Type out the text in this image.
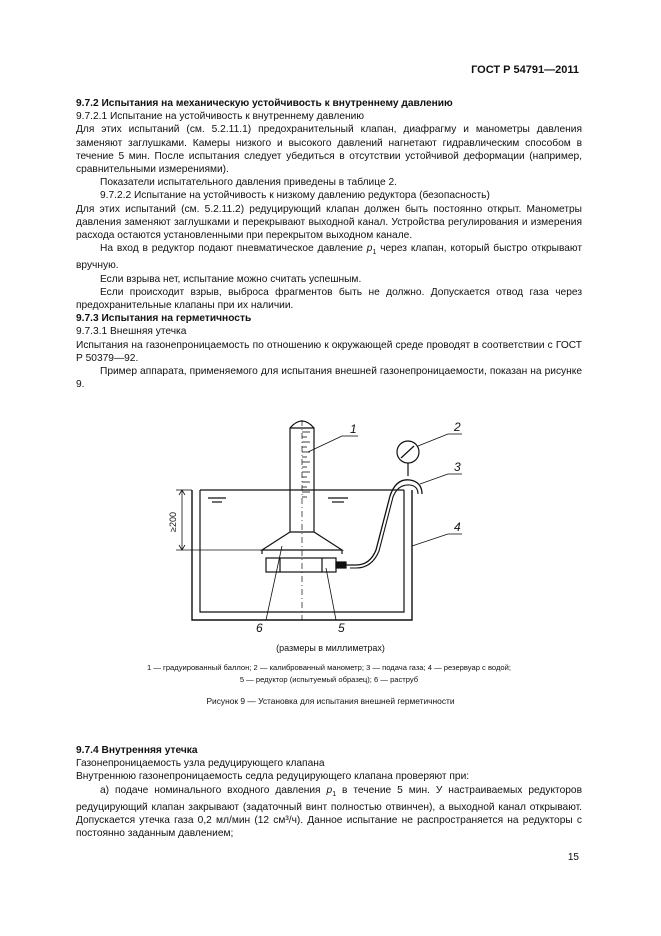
ГОСТ Р 54791—2011

9.7.2 Испытания на механическую устойчивость к внутреннему давлению

9.7.2.1 Испытание на устойчивость к внутреннему давлению

Для этих испытаний (см. 5.2.11.1) предохранительный клапан, диафрагму и манометры давления заменяют заглушками. Камеры низкого и высокого давлений нагнетают гидравлическим способом в течение 5 мин. После испытания следует убедиться в отсутствии устойчивой деформации (например, сравнительными измерениями).

Показатели испытательного давления приведены в таблице 2.

9.7.2.2 Испытание на устойчивость к низкому давлению редуктора (безопасность)

Для этих испытаний (см. 5.2.11.2) редуцирующий клапан должен быть постоянно открыт. Манометры давления заменяют заглушками и перекрывают выходной канал. Устройства регулирования и измерения расхода остаются установленными при перекрытом выходном канале.

На вход в редуктор подают пневматическое давление $p_1$ через клапан, который быстро открывают вручную.

Если взрыва нет, испытание можно считать успешным.

Если происходит взрыв, выброса фрагментов быть не должно. Допускается отвод газа через предохранительные клапаны при их наличии.

9.7.3 Испытания на герметичность

9.7.3.1 Внешняя утечка

Испытания на газонепроницаемость по отношению к окружающей среде проводят в соответствии с ГОСТ Р 50379—92.

Пример аппарата, применяемого для испытания внешней газонепроницаемости, показан на рисунке 9.

1	2
3
4
5
6
≥200
(размеры в миллиметрах)
1 — градуированный баллон; 2 — калиброванный манометр; 3 — подача газа; 4 — резервуар с водой;
5 — редуктор (испытуемый образец); 6 — раструб
Рисунок 9 — Установка для испытания внешней герметичности

9.7.4 Внутренняя утечка

Газонепроницаемость узла редуцирующего клапана

Внутреннюю газонепроницаемость седла редуцирующего клапана проверяют при:

а) подаче номинального входного давления $p_1$ в течение 5 мин. У настраиваемых редукторов редуцирующий клапан закрывают (задаточный винт полностью отвинчен), а выходной канал открывают. Допускается утечка газа 0,2 мл/мин (12 см³/ч). Данное испытание не распространяется на редукторы с постоянно заданным давлением;

15
